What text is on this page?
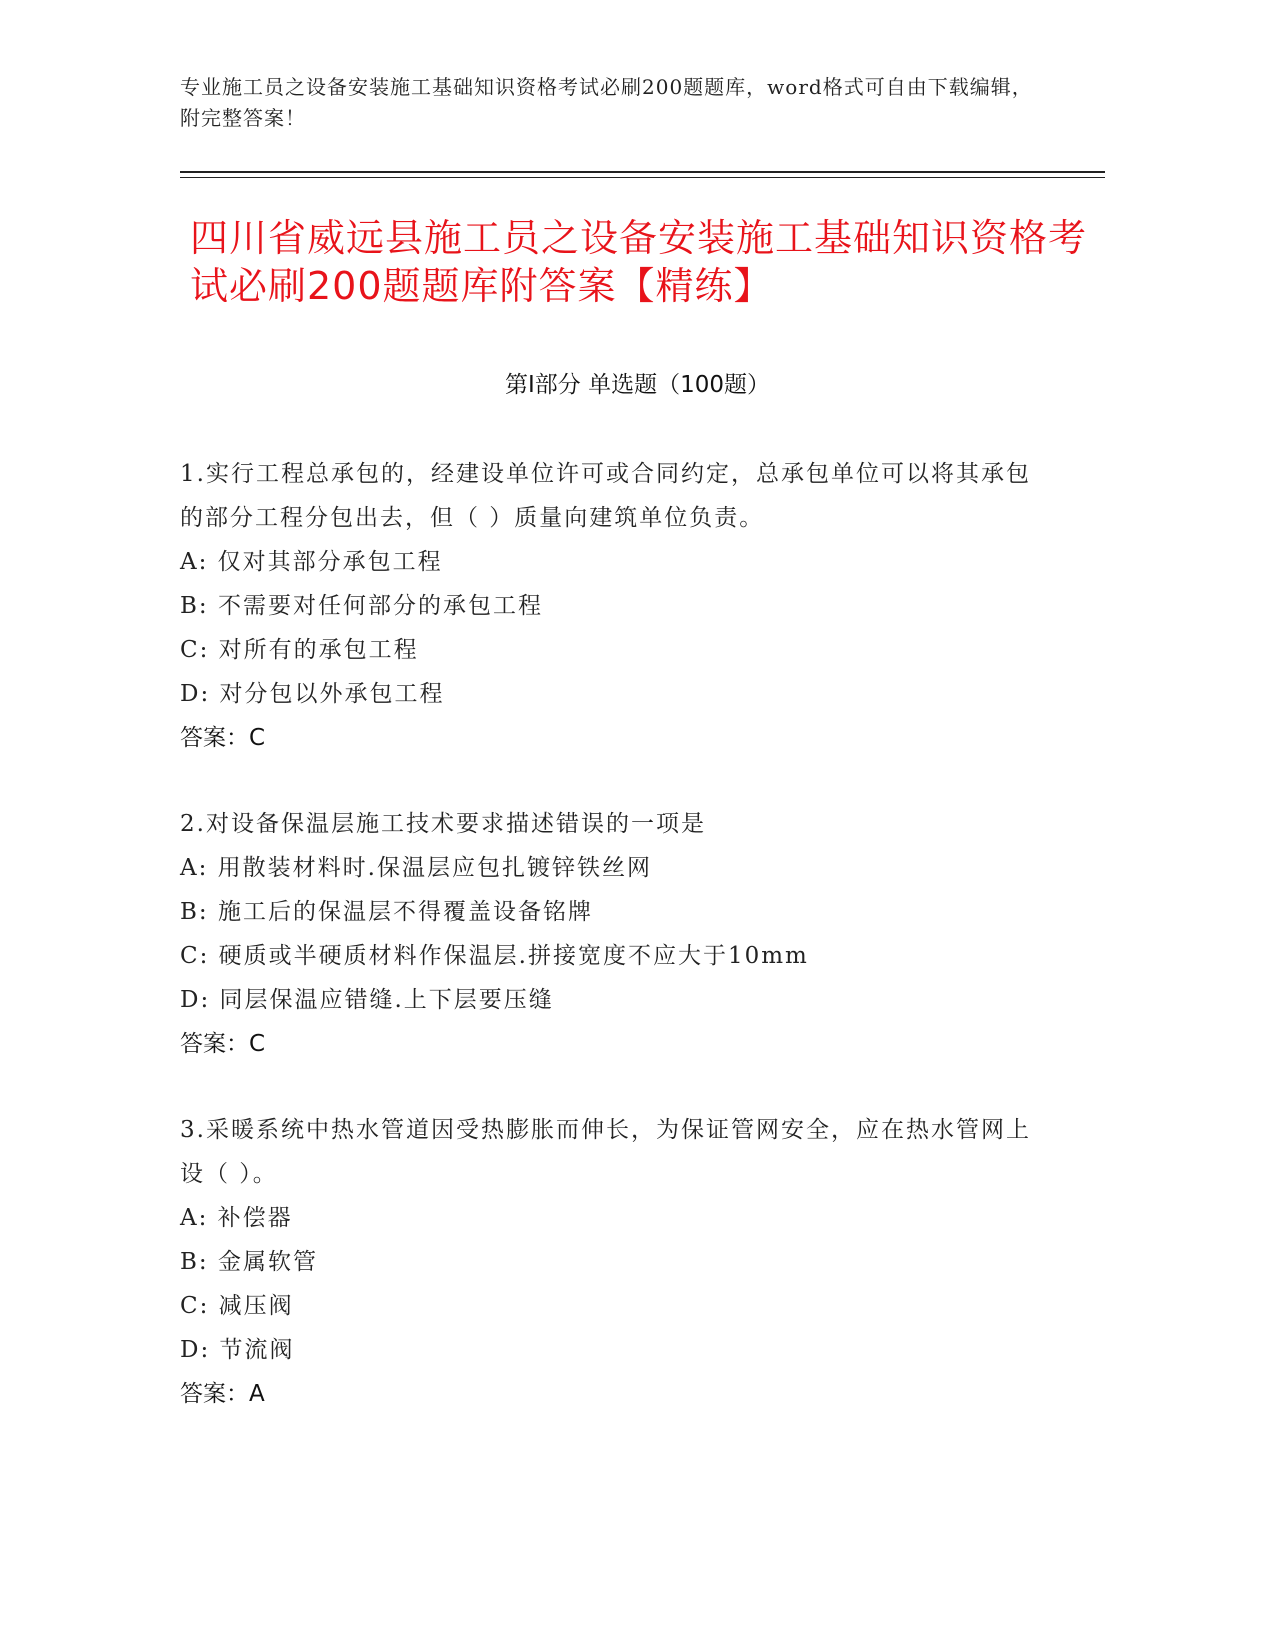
专业施工员之设备安装施工基础知识资格考试必刷200题题库，word格式可自由下载编辑，附完整答案！
四川省威远县施工员之设备安装施工基础知识资格考试必刷200题题库附答案【精练】
第Ⅰ部分 单选题（100题）
1.实行工程总承包的，经建设单位许可或合同约定，总承包单位可以将其承包的部分工程分包出去，但（ ）质量向建筑单位负责。
A: 仅对其部分承包工程
B: 不需要对任何部分的承包工程
C: 对所有的承包工程
D: 对分包以外承包工程
答案：C
2.对设备保温层施工技术要求描述错误的一项是
A: 用散装材料时.保温层应包扎镀锌铁丝网
B: 施工后的保温层不得覆盖设备铭牌
C: 硬质或半硬质材料作保温层.拼接宽度不应大于10mm
D: 同层保温应错缝.上下层要压缝
答案：C
3.采暖系统中热水管道因受热膨胀而伸长，为保证管网安全，应在热水管网上设（ ）。
A: 补偿器
B: 金属软管
C: 减压阀
D: 节流阀
答案：A
